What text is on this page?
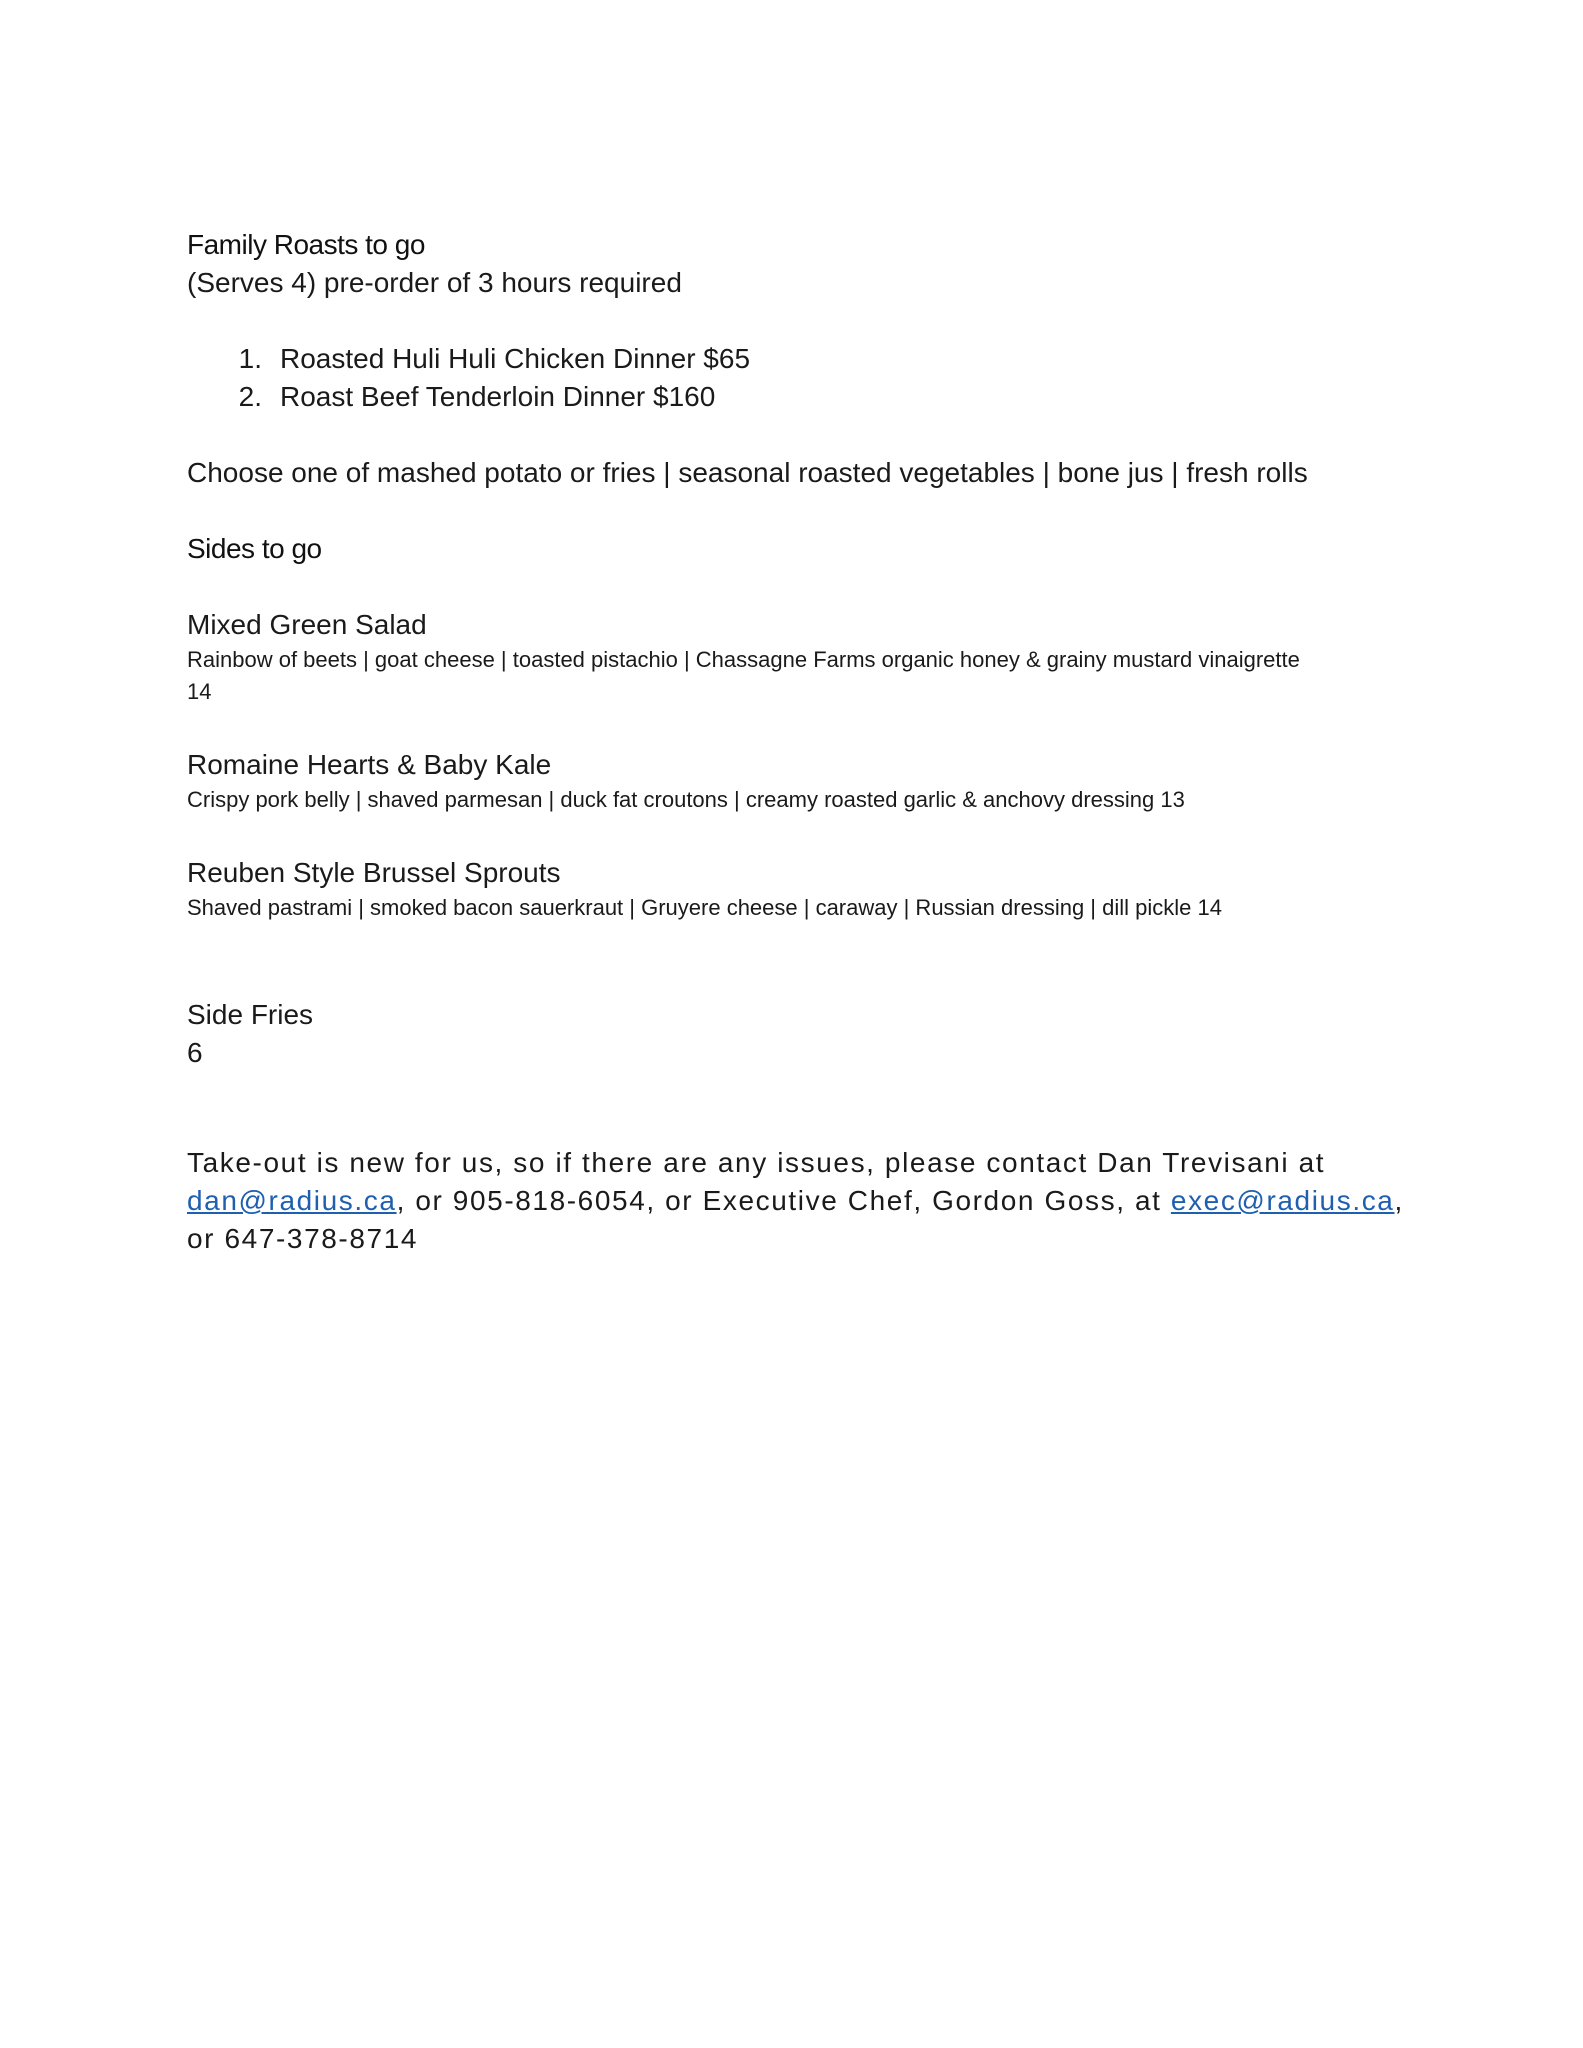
Family Roasts to go

(Serves 4) pre-order of 3 hours required

1. Roasted Huli Huli Chicken Dinner $65
2. Roast Beef Tenderloin Dinner $160

Choose one of mashed potato or fries | seasonal roasted vegetables | bone jus | fresh rolls

Sides to go

Mixed Green Salad

Rainbow of beets | goat cheese | toasted pistachio | Chassagne Farms organic honey & grainy mustard vinaigrette

14

Romaine Hearts & Baby Kale

Crispy pork belly | shaved parmesan | duck fat croutons | creamy roasted garlic & anchovy dressing 13

Reuben Style Brussel Sprouts

Shaved pastrami | smoked bacon sauerkraut | Gruyere cheese | caraway | Russian dressing | dill pickle 14

Side Fries

6

Take-out is new for us, so if there are any issues, please contact Dan Trevisani at
dan@radius.ca, or 905-818-6054, or Executive Chef, Gordon Goss, at exec@radius.ca,
or 647-378-8714
